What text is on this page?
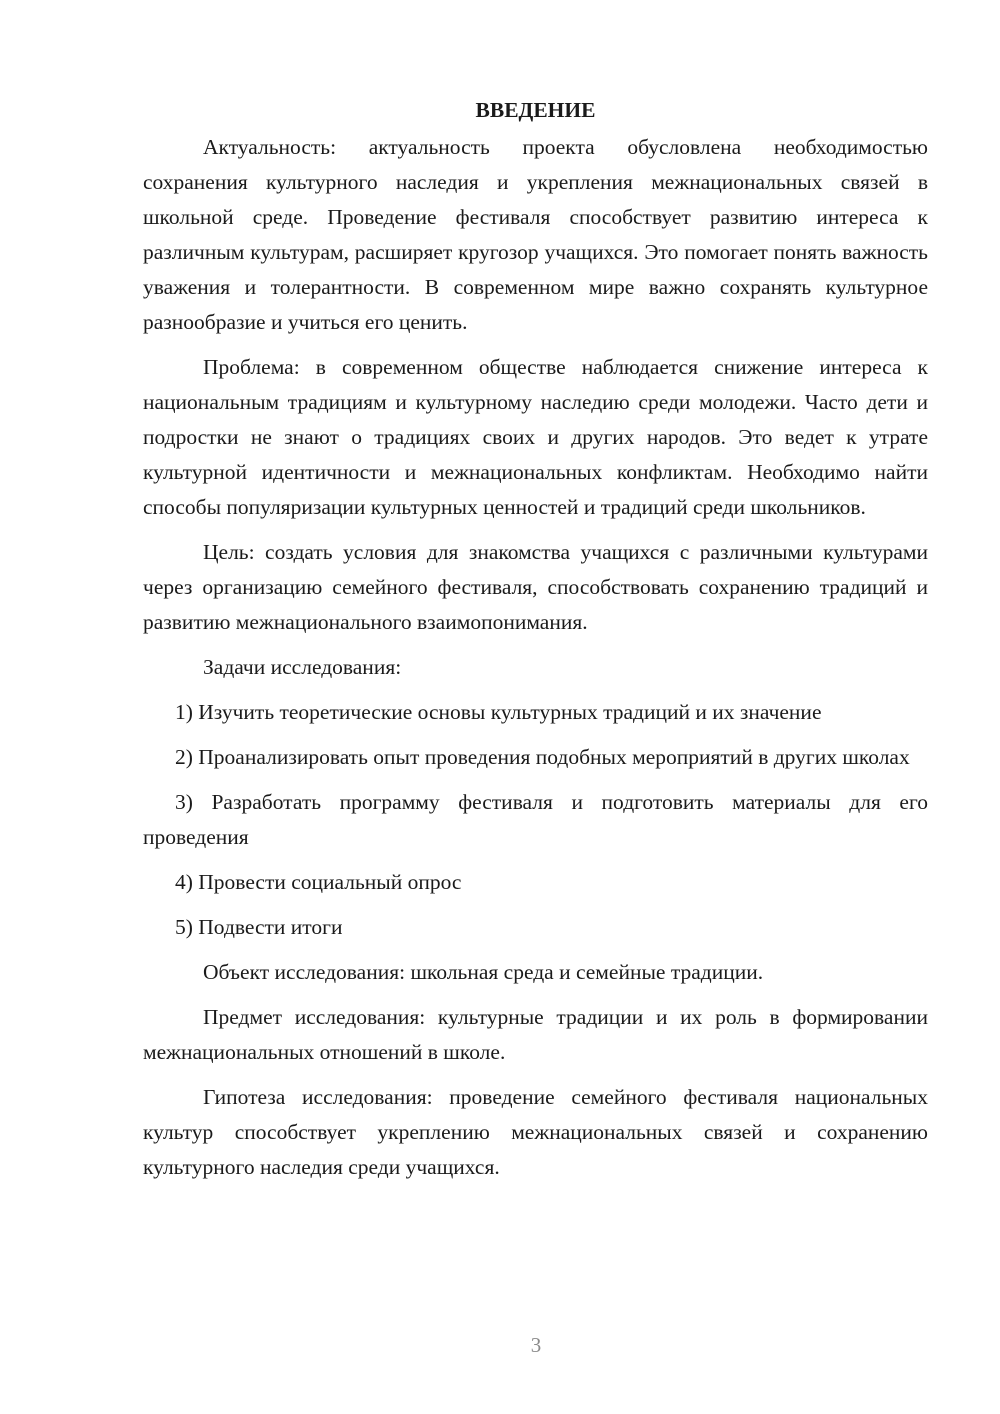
ВВЕДЕНИЕ

Актуальность: актуальность проекта обусловлена необходимостью сохранения культурного наследия и укрепления межнациональных связей в школьной среде. Проведение фестиваля способствует развитию интереса к различным культурам, расширяет кругозор учащихся. Это помогает понять важность уважения и толерантности. В современном мире важно сохранять культурное разнообразие и учиться его ценить.

Проблема: в современном обществе наблюдается снижение интереса к национальным традициям и культурному наследию среди молодежи. Часто дети и подростки не знают о традициях своих и других народов. Это ведет к утрате культурной идентичности и межнациональных конфликтам. Необходимо найти способы популяризации культурных ценностей и традиций среди школьников.

Цель: создать условия для знакомства учащихся с различными культурами через организацию семейного фестиваля, способствовать сохранению традиций и развитию межнационального взаимопонимания.

Задачи исследования:

1) Изучить теоретические основы культурных традиций и их значение

2) Проанализировать опыт проведения подобных мероприятий в других школах

3) Разработать программу фестиваля и подготовить материалы для его проведения

4) Провести социальный опрос

5) Подвести итоги

Объект исследования: школьная среда и семейные традиции.

Предмет исследования: культурные традиции и их роль в формировании межнациональных отношений в школе.

Гипотеза исследования: проведение семейного фестиваля национальных культур способствует укреплению межнациональных связей и сохранению культурного наследия среди учащихся.

3
